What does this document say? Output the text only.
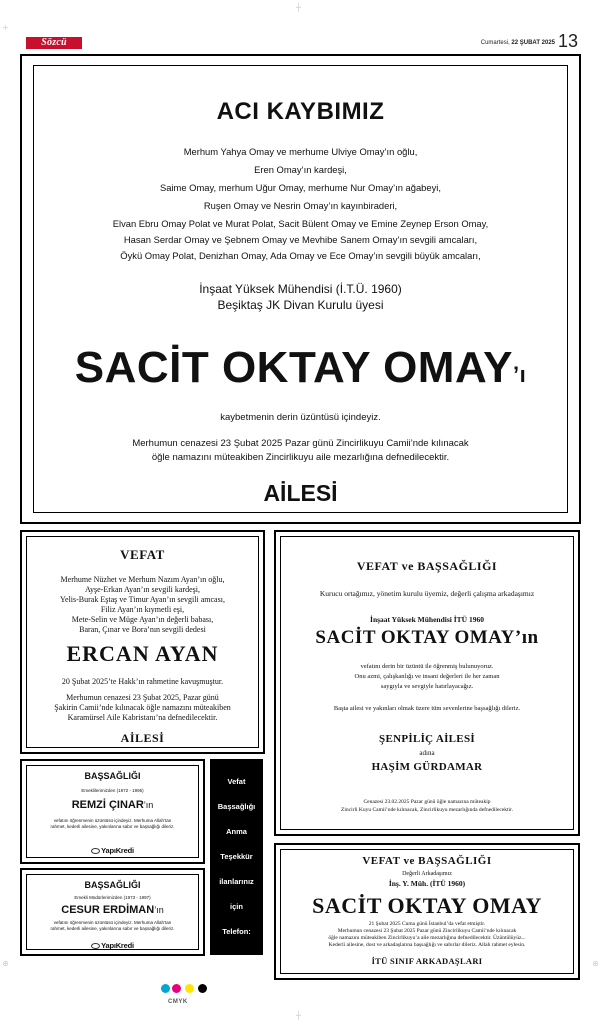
┼
┼
+
⊕	⊕
Sözcü	Cumartesi, 22 ŞUBAT 2025 13
ACI KAYBIMIZ
Merhum Yahya Omay ve merhume Ulviye Omay’ın oğlu,
Eren Omay’ın kardeşi,
Saime Omay, merhum Uğur Omay, merhume Nur Omay’ın ağabeyi,
Ruşen Omay ve Nesrin Omay’ın kayınbiraderi,
Elvan Ebru Omay Polat ve Murat Polat, Sacit Bülent Omay ve Emine Zeynep Erson Omay,
Hasan Serdar Omay ve Şebnem Omay ve Mevhibe Sanem Omay’ın sevgili amcaları,
Öykü Omay Polat, Denizhan Omay, Ada Omay ve Ece Omay’ın sevgili büyük amcaları,
İnşaat Yüksek Mühendisi (İ.T.Ü. 1960)
Beşiktaş JK Divan Kurulu üyesi
SACİT OKTAY OMAY’ı
kaybetmenin derin üzüntüsü içindeyiz.
Merhumun cenazesi 23 Şubat 2025 Pazar günü Zincirlikuyu Camii’nde kılınacak
öğle namazını müteakiben Zincirlikuyu aile mezarlığına defnedilecektir.
AİLESİ
VEFAT
Merhume Nüzhet ve Merhum Nazım Ayan’ın oğlu,
Ayşe-Erkan Ayan’ın sevgili kardeşi,
Yelis-Burak Eştaş ve Timur Ayan’ın sevgili amcası,
Filiz Ayan’ın kıymetli eşi,
Mete-Selin ve Müge Ayan’ın değerli babası,
Baran, Çınar ve Bora’nın sevgili dedesi
ERCAN AYAN
20 Şubat 2025’te Hakk’ın rahmetine kavuşmuştur.
Merhumun cenazesi 23 Şubat 2025, Pazar günü
Şakirin Camii’nde kılınacak öğle namazını müteakiben
Karamürsel Aile Kabristanı’na defnedilecektir.
AİLESİ
BAŞSAĞLIĞI
Emeklilerimizden (1972 - 1995)
REMZİ ÇINAR’ın
vefatını öğrenmenin üzüntüsü içindeyiz. Merhuma Allah’tan
rahmet, kederli ailesine, yakınlarına sabır ve başsağlığı dileriz.
YapıKredi
BAŞSAĞLIĞI
Emekli Müdürlerimizden (1973 - 1997)
CESUR ERDİMAN’ın
vefatını öğrenmenin üzüntüsü içindeyiz. Merhuma Allah’tan
rahmet, kederli ailesine, yakınlarına sabır ve başsağlığı dileriz.
YapıKredi
Vefat
Başsağlığı
Anma
Teşekkür
ilanlarınız
için
Telefon:
VEFAT ve BAŞSAĞLIĞI
Kurucu ortağımız, yönetim kurulu üyemiz, değerli çalışma arkadaşımız
İnşaat Yüksek Mühendisi İTÜ 1960
SACİT OKTAY OMAY’ın
vefatını derin bir üzüntü ile öğrenmiş bulunuyoruz.
Onu azmi, çalışkanlığı ve insani değerleri ile her zaman
saygıyla ve sevgiyle hatırlayacağız.
Başta ailesi ve yakınları olmak üzere tüm sevenlerine başsağlığı dileriz.
ŞENPİLİÇ AİLESİ
adına
HAŞİM GÜRDAMAR
Cenazesi 23.02.2025 Pazar günü öğle namazına müteakip
Zincirli Kuyu Camii’nde kılınacak, Zincirlikuyu mezarlığında defnedilecektir.
VEFAT ve BAŞSAĞLIĞI
Değerli Arkadaşımız
İnş. Y. Müh. (İTÜ 1960)
SACİT OKTAY OMAY
21 Şubat 2025 Cuma günü İstanbul’da vefat etmiştir.
Merhumun cenazesi 23 Şubat 2025 Pazar günü Zincirlikuyu Camii’nde kılınacak
öğle namazını müteakiben Zincirlikuyu’a aile mezarlığına defnedilecektir. Üzüntülüyüz...
Kederli ailesine, dost ve arkadaşlarına başsağlığı ve sabırlar dileriz. Allah rahmet eylesin.
İTÜ SINIF ARKADAŞLARI
CMYK
